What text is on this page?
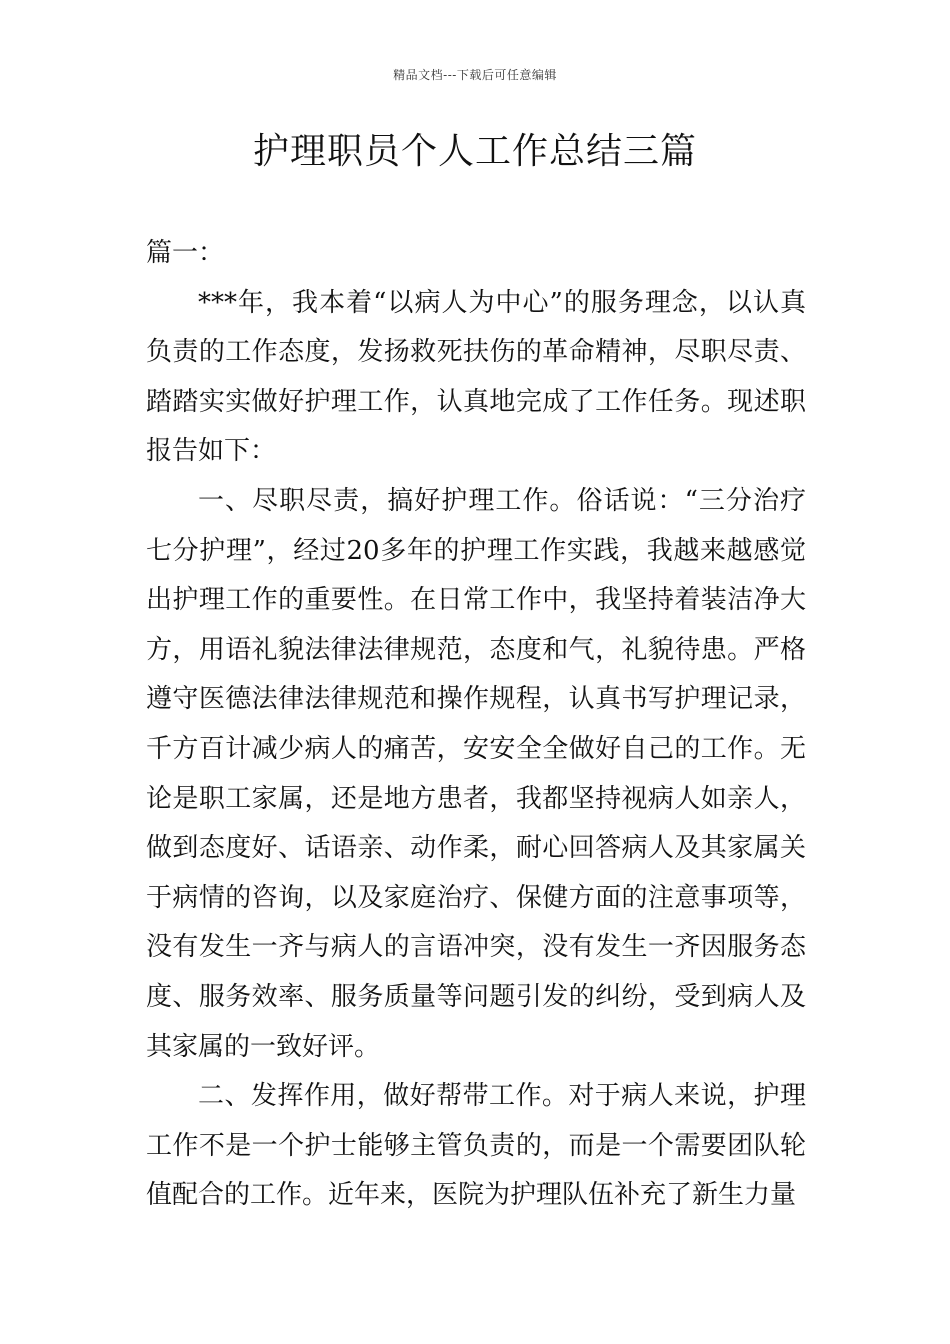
精品文档---下载后可任意编辑
护理职员个人工作总结三篇

篇一：

***年，我本着“以病人为中心”的服务理念，以认真负责的工作态度，发扬救死扶伤的革命精神，尽职尽责、踏踏实实做好护理工作，认真地完成了工作任务。现述职报告如下：

一、尽职尽责，搞好护理工作。俗话说：“三分治疗七分护理”，经过20多年的护理工作实践，我越来越感觉出护理工作的重要性。在日常工作中，我坚持着装洁净大方，用语礼貌法律法律规范，态度和气，礼貌待患。严格遵守医德法律法律规范和操作规程，认真书写护理记录，千方百计减少病人的痛苦，安安全全做好自己的工作。无论是职工家属，还是地方患者，我都坚持视病人如亲人，做到态度好、话语亲、动作柔，耐心回答病人及其家属关于病情的咨询，以及家庭治疗、保健方面的注意事项等，没有发生一齐与病人的言语冲突，没有发生一齐因服务态度、服务效率、服务质量等问题引发的纠纷，受到病人及其家属的一致好评。

二、发挥作用，做好帮带工作。对于病人来说，护理工作不是一个护士能够主管负责的，而是一个需要团队轮值配合的工作。近年来，医院为护理队伍补充了新生力量
